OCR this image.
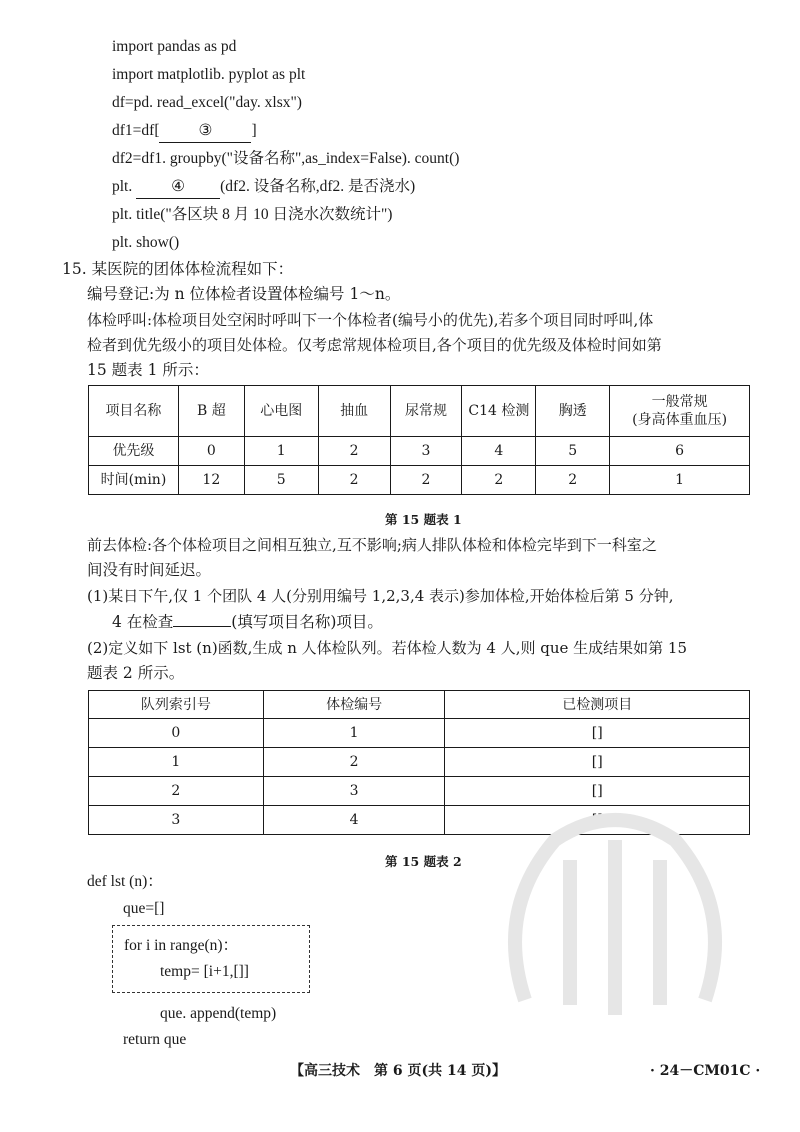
import pandas as pd
import matplotlib. pyplot as plt
df=pd. read_excel("day. xlsx")
df1=df[	③	]
df2=df1. groupby("设备名称",as_index=False). count()
plt.	④ (df2. 设备名称,df2. 是否浇水)
plt. title("各区块 8 月 10 日浇水次数统计")
plt. show()
15. 某医院的团体体检流程如下：
编号登记:为 n 位体检者设置体检编号 1～n。
体检呼叫:体检项目处空闲时呼叫下一个体检者(编号小的优先),若多个项目同时呼叫,体
检者到优先级小的项目处体检。仅考虑常规体检项目,各个项目的优先级及体检时间如第
15 题表 1 所示：
项目名称	B 超	心电图	抽血	尿常规	C14 检测	胸透	一般常规
(身高体重血压)

优先级	0	1	2	3	4	5	6
时间(min)	12	5	2	2	2	2	1
第 15 题表 1
前去体检:各个体检项目之间相互独立,互不影响;病人排队体检和体检完毕到下一科室之
间没有时间延迟。
(1)某日下午,仅 1 个团队 4 人(分别用编号 1,2,3,4 表示)参加体检,开始体检后第 5 分钟,
4 在检查	(填写项目名称)项目。
(2)定义如下 lst (n)函数,生成 n 人体检队列。若体检人数为 4 人,则 que 生成结果如第 15
题表 2 所示。
队列索引号	体检编号	已检测项目
0	1	[]
1	2	[]
2	3	[]
3	4	[]
第 15 题表 2
def lst (n)：
que=[]
for i in range(n)：
temp= [i+1,[]]
que. append(temp)
return que
【高三技术　第 6 页(共 14 页)】	· 24－CM01C ·
